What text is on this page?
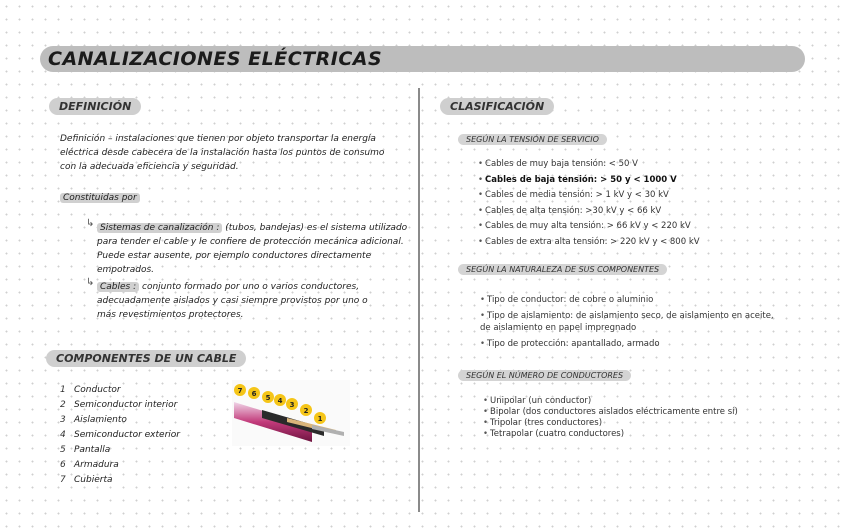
CANALIZACIONES ELÉCTRICAS
DEFINICIÓN
Definición – instalaciones que tienen por objeto transportar la energía eléctrica desde cabecera de la instalación hasta los puntos de consumo con la adecuada eficiencia y seguridad.
Constituidas por
↳ Sistemas de canalización : (tubos, bandejas) es el sistema utilizado para tender el cable y le confiere de protección mecánica adicional. Puede estar ausente, por ejemplo conductores directamente empotrados.
↳ Cables : conjunto formado por uno o varios conductores, adecuadamente aislados y casi siempre provistos por uno o más revestimientos protectores.
COMPONENTES DE UN CABLE
1 Conductor
2 Semiconductor interior
3 Aislamiento
4 Semiconductor exterior
5 Pantalla
6 Armadura
7 Cubierta
7 6 5 4 3
2
1
CLASIFICACIÓN
SEGÚN LA TENSIÓN DE SERVICIO
• Cables de muy baja tensión: < 50 V
• Cables de baja tensión: > 50 y < 1000 V
• Cables de media tensión: > 1 kV y < 30 kV
• Cables de alta tensión: >30 kV y < 66 kV
• Cables de muy alta tensión: > 66 kV y < 220 kV
• Cables de extra alta tensión: > 220 kV y < 800 kV
SEGÚN LA NATURALEZA DE SUS COMPONENTES
• Tipo de conductor: de cobre o aluminio
• Tipo de aislamiento: de aislamiento seco, de aislamiento en aceite, de aislamiento en papel impregnado
• Tipo de protección: apantallado, armado
SEGÚN EL NÚMERO DE CONDUCTORES
• Unipolar (un conductor)
• Bipolar (dos conductores aislados eléctricamente entre sí)
• Tripolar (tres conductores)
• Tetrapolar (cuatro conductores)
